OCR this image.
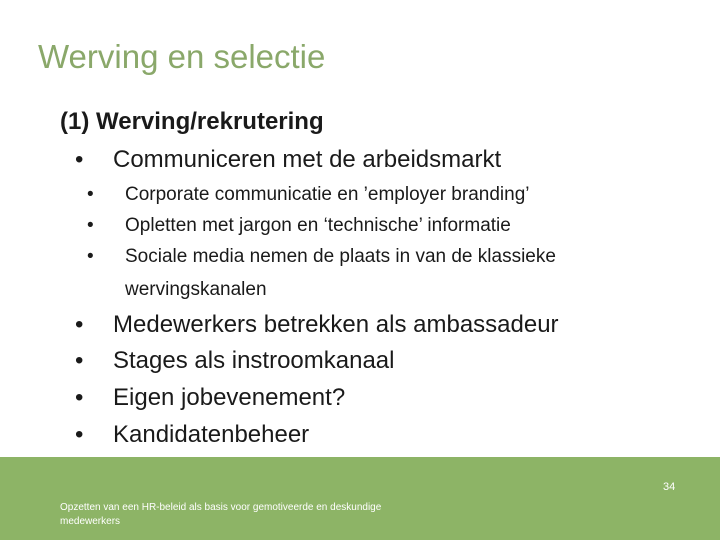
Werving en selectie
(1) Werving/rekrutering
• Communiceren met de arbeidsmarkt
• Corporate communicatie en ’employer branding’
• Opletten met jargon en ‘technische’ informatie
• Sociale media nemen de plaats in van de klassieke
wervingskanalen
• Medewerkers betrekken als ambassadeur
• Stages als instroomkanaal
• Eigen jobevenement?
• Kandidatenbeheer
Opzetten van een HR-beleid als basis voor gemotiveerde en deskundige
medewerkers
34
